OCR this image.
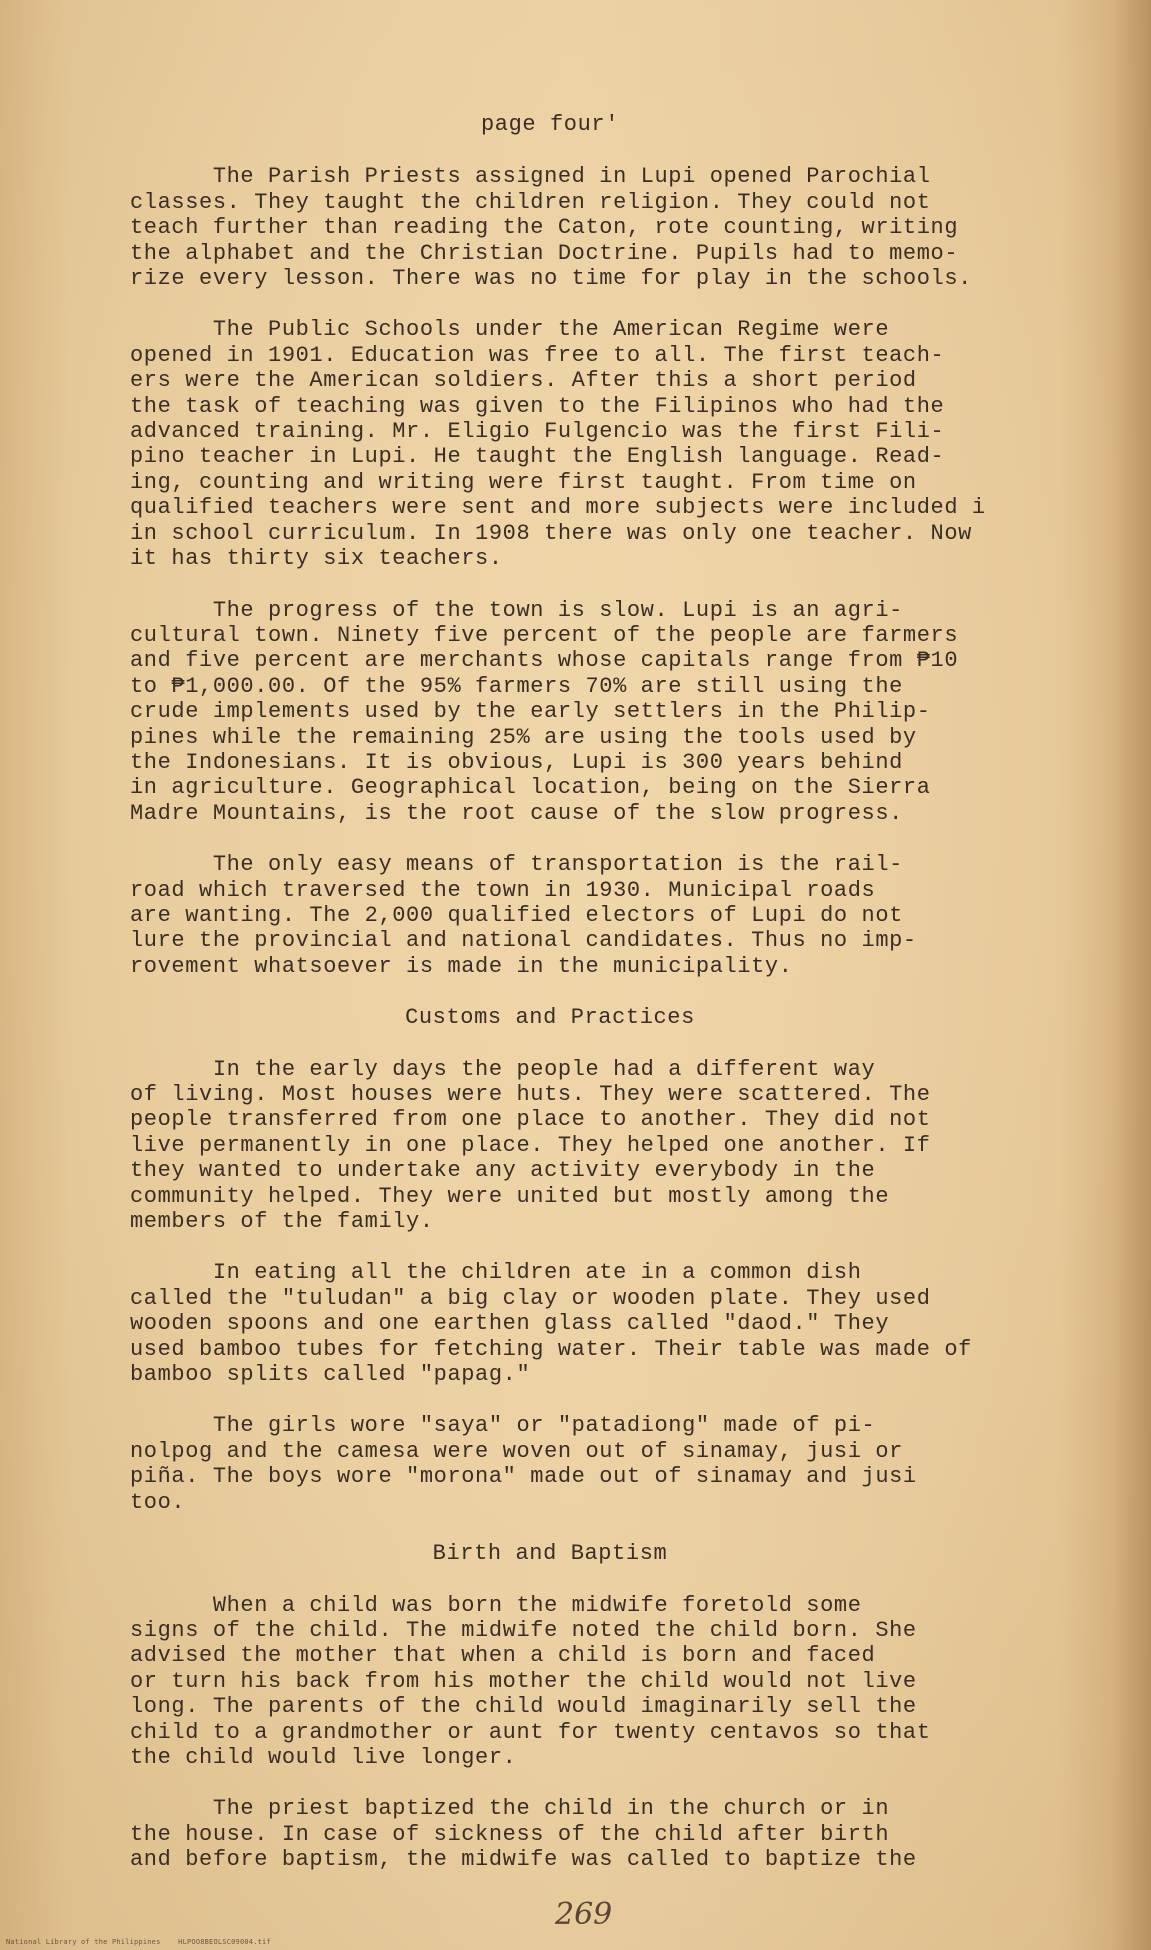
page four'

The Parish Priests assigned in Lupi opened Parochial
classes. They taught the children religion. They could not
teach further than reading the Caton, rote counting, writing
the alphabet and the Christian Doctrine. Pupils had to memo-
rize every lesson. There was no time for play in the schools.
The Public Schools under the American Regime were
opened in 1901. Education was free to all. The first teach-
ers were the American soldiers. After this a short period
the task of teaching was given to the Filipinos who had the
advanced training. Mr. Eligio Fulgencio was the first Fili-
pino teacher in Lupi. He taught the English language. Read-
ing, counting and writing were first taught. From time on
qualified teachers were sent and more subjects were included i
in school curriculum. In 1908 there was only one teacher. Now
it has thirty six teachers.
The progress of the town is slow. Lupi is an agri-
cultural town. Ninety five percent of the people are farmers
and five percent are merchants whose capitals range from ₱10
to ₱1,000.00. Of the 95% farmers 70% are still using the
crude implements used by the early settlers in the Philip-
pines while the remaining 25% are using the tools used by
the Indonesians. It is obvious, Lupi is 300 years behind
in agriculture. Geographical location, being on the Sierra
Madre Mountains, is the root cause of the slow progress.
The only easy means of transportation is the rail-
road which traversed the town in 1930. Municipal roads
are wanting. The 2,000 qualified electors of Lupi do not
lure the provincial and national candidates. Thus no imp-
rovement whatsoever is made in the municipality.

Customs and Practices

In the early days the people had a different way
of living. Most houses were huts. They were scattered. The
people transferred from one place to another. They did not
live permanently in one place. They helped one another. If
they wanted to undertake any activity everybody in the
community helped. They were united but mostly among the
members of the family.
In eating all the children ate in a common dish
called the "tuludan" a big clay or wooden plate. They used
wooden spoons and one earthen glass called "daod." They
used bamboo tubes for fetching water. Their table was made of
bamboo splits called "papag."
The girls wore "saya" or "patadiong" made of pi-
nolpog and the camesa were woven out of sinamay, jusi or
piña. The boys wore "morona" made out of sinamay and jusi
too.

Birth and Baptism

When a child was born the midwife foretold some
signs of the child. The midwife noted the child born. She
advised the mother that when a child is born and faced
or turn his back from his mother the child would not live
long. The parents of the child would imaginarily sell the
child to a grandmother or aunt for twenty centavos so that
the child would live longer.
The priest baptized the child in the church or in
the house. In case of sickness of the child after birth
and before baptism, the midwife was called to baptize the
269
National Library of the Philippines    HLPOO8BEOLSC09004.tif
